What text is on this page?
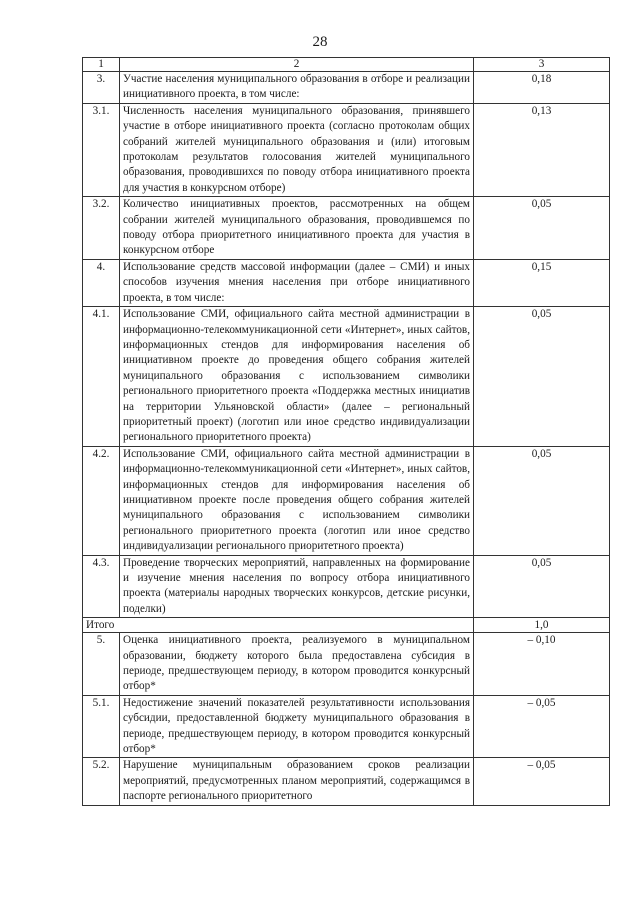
28
1	2	3
3.	Участие населения муниципального образования в отборе и реализации инициативного проекта, в том числе:	0,18
3.1.	Численность населения муниципального образования, принявшего участие в отборе инициативного проекта (согласно протоколам общих собраний жителей муниципального образования и (или) итоговым протоколам результатов голосования жителей муниципального образования, проводившихся по поводу отбора инициативного проекта для участия в конкурсном отборе)	0,13
3.2.	Количество инициативных проектов, рассмотренных на общем собрании жителей муниципального образования, проводившемся по поводу отбора приоритетного инициативного проекта для участия в конкурсном отборе	0,05
4.	Использование средств массовой информации (далее – СМИ) и иных способов изучения мнения населения при отборе инициативного проекта, в том числе:	0,15
4.1.	Использование СМИ, официального сайта местной администрации в информационно-телекоммуникационной сети «Интернет», иных сайтов, информационных стендов для информирования населения об инициативном проекте до проведения общего собрания жителей муниципального образования с использованием символики регионального приоритетного проекта «Поддержка местных инициатив на территории Ульяновской области» (далее – региональный приоритетный проект) (логотип или иное средство индивидуализации регионального приоритетного проекта)	0,05
4.2.	Использование СМИ, официального сайта местной администрации в информационно-телекоммуникационной сети «Интернет», иных сайтов, информационных стендов для информирования населения об инициативном проекте после проведения общего собрания жителей муниципального образования с использованием символики регионального приоритетного проекта (логотип или иное средство индивидуализации регионального приоритетного проекта)	0,05
4.3.	Проведение творческих мероприятий, направленных на формирование и изучение мнения населения по вопросу отбора инициативного проекта (материалы народных творческих конкурсов, детские рисунки, поделки)	0,05
Итого		1,0
5.	Оценка инициативного проекта, реализуемого в муниципальном образовании, бюджету которого была предоставлена субсидия в периоде, предшествующем периоду, в котором проводится конкурсный отбор*	– 0,10
5.1.	Недостижение значений показателей результативности использования субсидии, предоставленной бюджету муниципального образования в периоде, предшествующем периоду, в котором проводится конкурсный отбор*	– 0,05
5.2.	Нарушение муниципальным образованием сроков реализации мероприятий, предусмотренных планом мероприятий, содержащимся в паспорте регионального приоритетного	– 0,05
